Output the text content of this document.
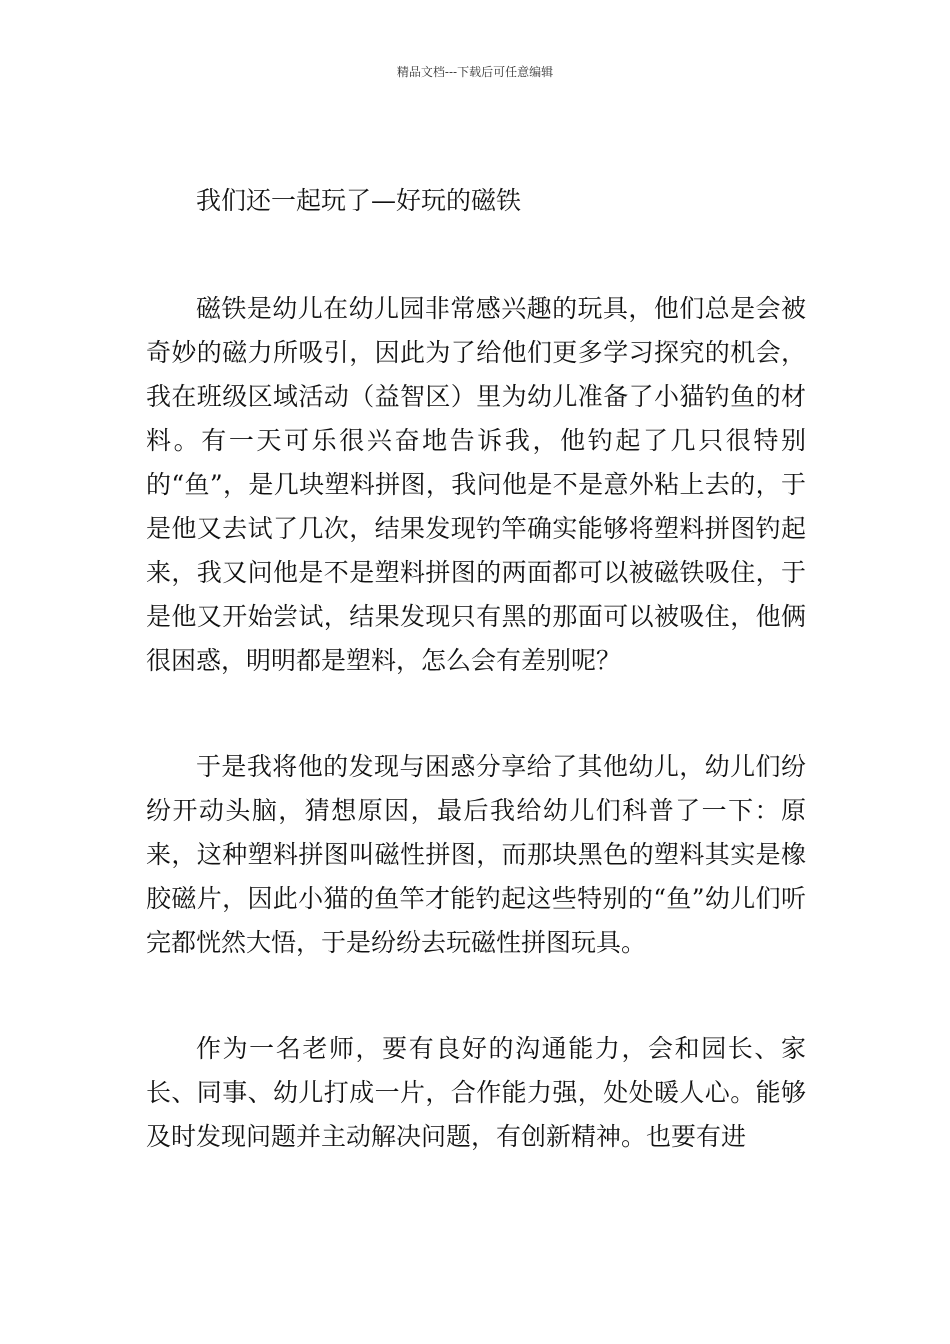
精品文档---下载后可任意编辑

我们还一起玩了—好玩的磁铁

磁铁是幼儿在幼儿园非常感兴趣的玩具，他们总是会被奇妙的磁力所吸引，因此为了给他们更多学习探究的机会，我在班级区域活动（益智区）里为幼儿准备了小猫钓鱼的材料。有一天可乐很兴奋地告诉我，他钓起了几只很特别的“鱼”，是几块塑料拼图，我问他是不是意外粘上去的，于是他又去试了几次，结果发现钓竿确实能够将塑料拼图钓起来，我又问他是不是塑料拼图的两面都可以被磁铁吸住，于是他又开始尝试，结果发现只有黑的那面可以被吸住，他俩很困惑，明明都是塑料，怎么会有差别呢？

于是我将他的发现与困惑分享给了其他幼儿，幼儿们纷纷开动头脑，猜想原因，最后我给幼儿们科普了一下：原来，这种塑料拼图叫磁性拼图，而那块黑色的塑料其实是橡胶磁片，因此小猫的鱼竿才能钓起这些特别的“鱼”幼儿们听完都恍然大悟，于是纷纷去玩磁性拼图玩具。

作为一名老师，要有良好的沟通能力，会和园长、家长、同事、幼儿打成一片，合作能力强，处处暖人心。能够及时发现问题并主动解决问题，有创新精神。也要有进
